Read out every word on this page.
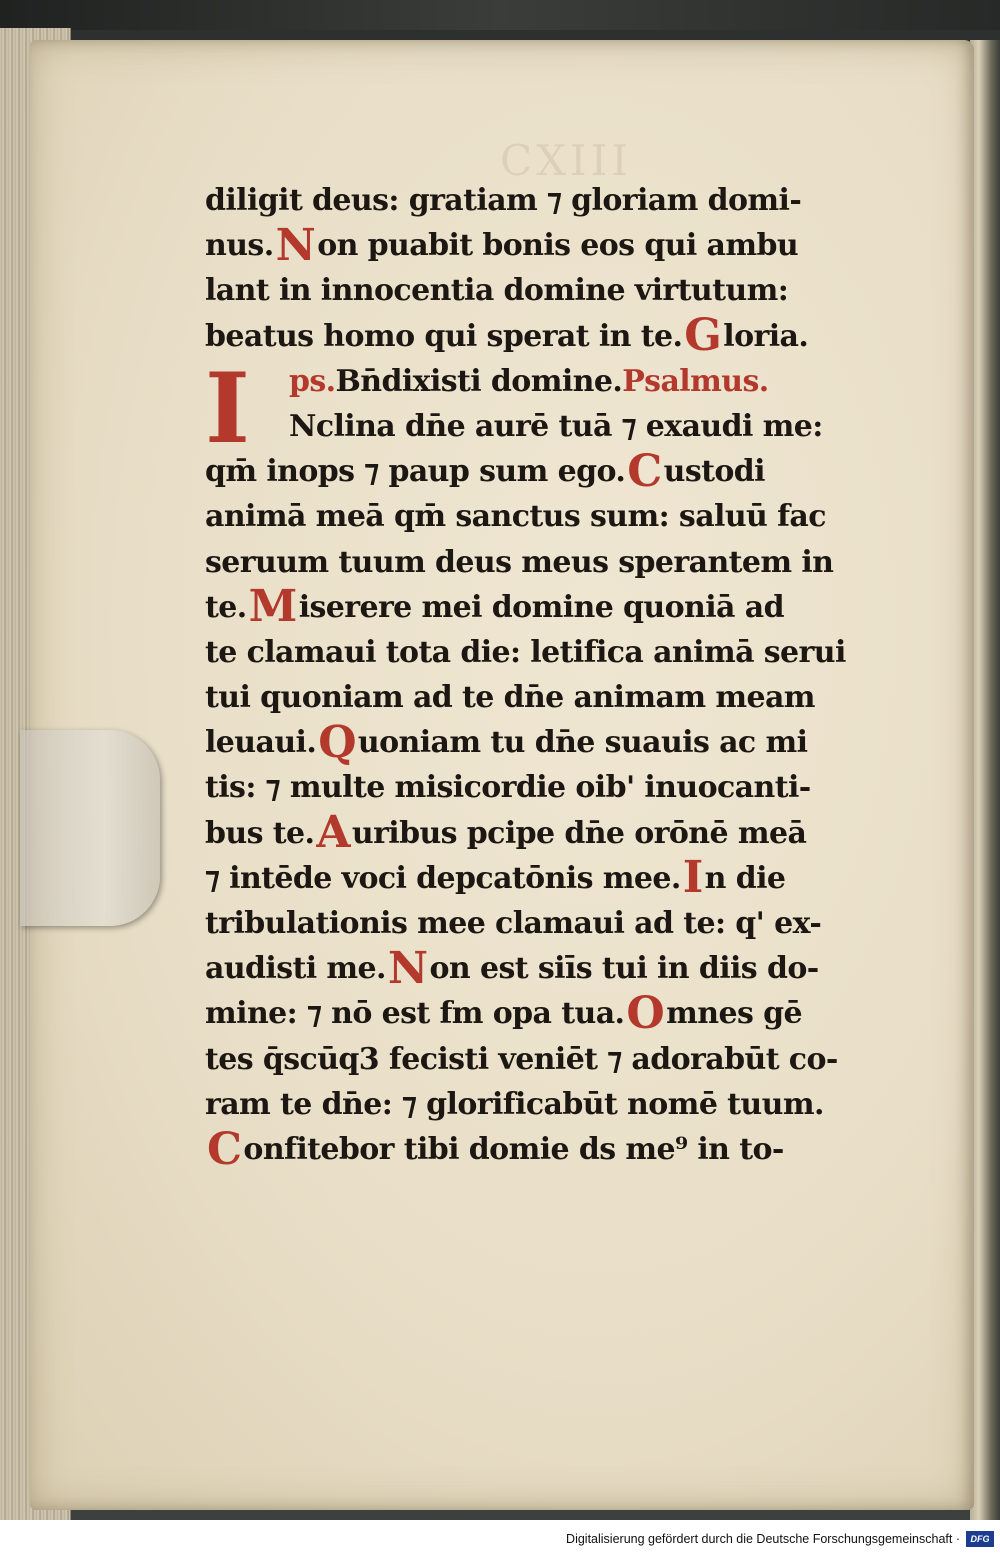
CXIII
diligit deus: gratiam ⁊ gloriam domi-
nus. N on puabit bonis eos qui ambu
lant in innocentia domine virtutum:
beatus homo qui sperat in te. G loria.
ps. Bn̄dixisti domine. Psalmus.
Nclina dn̄e aurē tuā ⁊ exaudi me:
qm̄ inops ⁊ paup sum ego. C ustodi
animā meā qm̄ sanctus sum: saluū fac
seruum tuum deus meus sperantem in
te. M iserere mei domine quoniā ad
te clamaui tota die: letifica animā serui
tui quoniam ad te dn̄e animam meam
leuaui. Q uoniam tu dn̄e suauis ac mi
tis: ⁊ multe misicordie oib' inuocanti-
bus te. A uribus pcipe dn̄e orōnē meā
⁊ intēde voci depcatōnis mee. I n die
tribulationis mee clamaui ad te: q' ex-
audisti me. N on est siīs tui in diis do-
mine: ⁊ nō est fm opa tua. O mnes gē
tes q̄scūq3 fecisti veniēt ⁊ adorabūt co-
ram te dn̄e: ⁊ glorificabūt nomē tuum.
C onfitebor tibi domie ds me⁹ in to-
I
Digitalisierung gefördert durch die Deutsche Forschungsgemeinschaft ·	DFG
